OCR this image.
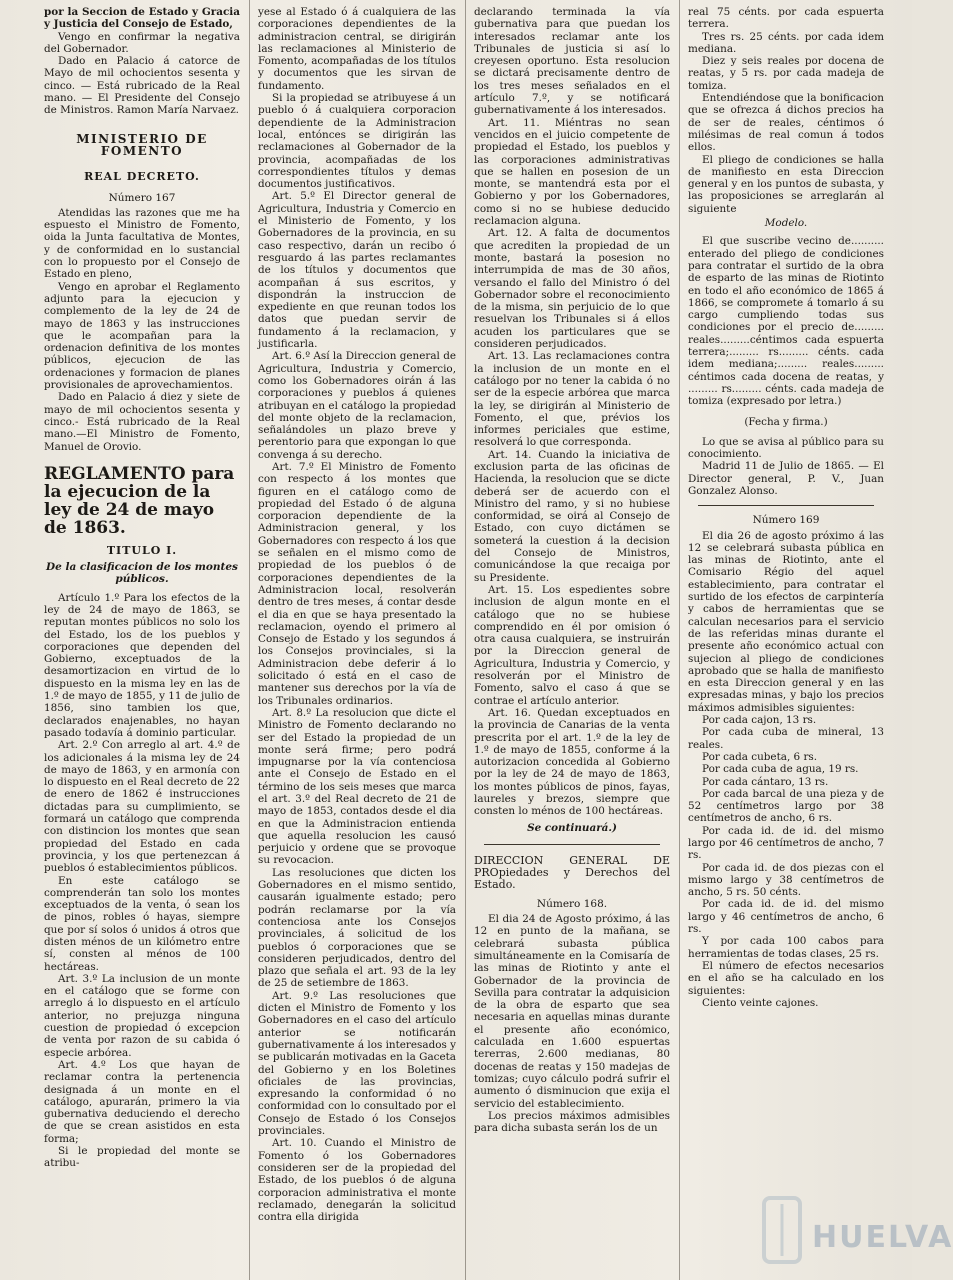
por la Seccion de Estado y Gracia y Justicia del Consejo de Estado,

Vengo en confirmar la negativa del Gobernador.

Dado en Palacio á catorce de Mayo de mil ochocientos sesenta y cinco. — Está rubricado de la Real mano. — El Presidente del Consejo de Ministros. Ramon María Narvaez.

MINISTERIO DE FOMENTO
REAL DECRETO.
Número 167

Atendidas las razones que me ha espuesto el Ministro de Fomento, oida la Junta facultativa de Montes, y de conformidad en lo sustancial con lo propuesto por el Consejo de Estado en pleno,

Vengo en aprobar el Reglamento adjunto para la ejecucion y complemento de la ley de 24 de mayo de 1863 y las instrucciones que le acompañan para la ordenacion definitiva de los montes públicos, ejecucion de las ordenaciones y formacion de planes provisionales de aprovechamientos.

Dado en Palacio á diez y siete de mayo de mil ochocientos sesenta y cinco.- Está rubricado de la Real mano.—El Ministro de Fomento, Manuel de Orovio.

REGLAMENTO para la ejecucion de la ley de 24 de mayo de 1863.
TITULO I.
De la clasificacion de los montes públicos.

Artículo 1.º Para los efectos de la ley de 24 de mayo de 1863, se reputan montes públicos no solo los del Estado, los de los pueblos y corporaciones que dependen del Gobierno, exceptuados de la desamortizacion en virtud de lo dispuesto en la misma ley en las de 1.º de mayo de 1855, y 11 de julio de 1856, sino tambien los que, declarados enajenables, no hayan pasado todavía á dominio particular.

Art. 2.º Con arreglo al art. 4.º de los adicionales á la misma ley de 24 de mayo de 1863, y en armonía con lo dispuesto en el Real decreto de 22 de enero de 1862 é instrucciones dictadas para su cumplimiento, se formará un catálogo que comprenda con distincion los montes que sean propiedad del Estado en cada provincia, y los que pertenezcan á pueblos ó establecimientos públicos.

En este catálogo se comprenderán tan solo los montes exceptuados de la venta, ó sean los de pinos, robles ó hayas, siempre que por sí solos ó unidos á otros que disten ménos de un kilómetro entre sí, consten al ménos de 100 hectáreas.

Art. 3.º La inclusion de un monte en el catálogo que se forme con arreglo á lo dispuesto en el artículo anterior, no prejuzga ninguna cuestion de propiedad ó excepcion de venta por razon de su cabida ó especie arbórea.

Art. 4.º Los que hayan de reclamar contra la pertenencia designada á un monte en el catálogo, apurarán, primero la via gubernativa deduciendo el derecho de que se crean asistidos en esta forma;

Si le propiedad del monte se atribu-

yese al Estado ó á cualquiera de las corporaciones dependientes de la administracion central, se dirigirán las reclamaciones al Ministerio de Fomento, acompañadas de los títulos y documentos que les sirvan de fundamento.

Si la propiedad se atribuyese á un pueblo ó á cualquiera corporacion dependiente de la Administracion local, entónces se dirigirán las reclamaciones al Gobernador de la provincia, acompañadas de los correspondientes títulos y demas documentos justificativos.

Art. 5.º El Director general de Agricultura, Industria y Comercio en el Ministerio de Fomento, y los Gobernadores de la provincia, en su caso respectivo, darán un recibo ó resguardo á las partes reclamantes de los títulos y documentos que acompañan á sus escritos, y dispondrán la instruccion de expediente en que reunan todos los datos que puedan servir de fundamento á la reclamacion, y justificarla.

Art. 6.º Así la Direccion general de Agricultura, Industria y Comercio, como los Gobernadores oirán á las corporaciones y pueblos á quienes atribuyan en el catálogo la propiedad del monte objeto de la reclamacion, señalándoles un plazo breve y perentorio para que expongan lo que convenga á su derecho.

Art. 7.º El Ministro de Fomento con respecto á los montes que figuren en el catálogo como de propiedad del Estado ó de alguna corporacion dependiente de la Administracion general, y los Gobernadores con respecto á los que se señalen en el mismo como de propiedad de los pueblos ó de corporaciones dependientes de la Administracion local, resolverán dentro de tres meses, á contar desde el dia en que se haya presentado la reclamacion, oyendo el primero al Consejo de Estado y los segundos á los Consejos provinciales, si la Administracion debe deferir á lo solicitado ó está en el caso de mantener sus derechos por la vía de los Tribunales ordinarios.

Art. 8.º La resolucion que dicte el Ministro de Fomento declarando no ser del Estado la propiedad de un monte será firme; pero podrá impugnarse por la vía contenciosa ante el Consejo de Estado en el término de los seis meses que marca el art. 3.º del Real decreto de 21 de mayo de 1853, contados desde el dia en que la Administracion entienda que aquella resolucion les causó perjuicio y ordene que se provoque su revocacion.

Las resoluciones que dicten los Gobernadores en el mismo sentido, causarán igualmente estado; pero podrán reclamarse por la vía contenciosa ante los Consejos provinciales, á solicitud de los pueblos ó corporaciones que se consideren perjudicados, dentro del plazo que señala el art. 93 de la ley de 25 de setiembre de 1863.

Art. 9.º Las resoluciones que dicten el Ministro de Fomento y los Gobernadores en el caso del artículo anterior se notificarán gubernativamente á los interesados y se publicarán motivadas en la Gaceta del Gobierno y en los Boletines oficiales de las provincias, expresando la conformidad ó no conformidad con lo consultado por el Consejo de Estado ó los Consejos provinciales.

Art. 10. Cuando el Ministro de Fomento ó los Gobernadores consideren ser de la propiedad del Estado, de los pueblos ó de alguna corporacion administrativa el monte reclamado, denegarán la solicitud contra ella dirigida

declarando terminada la vía gubernativa para que puedan los interesados reclamar ante los Tribunales de justicia si así lo creyesen oportuno. Esta resolucion se dictará precisamente dentro de los tres meses señalados en el artículo 7.º, y se notificará gubernativamente á los interesados.

Art. 11. Miéntras no sean vencidos en el juicio competente de propiedad el Estado, los pueblos y las corporaciones administrativas que se hallen en posesion de un monte, se mantendrá esta por el Gobierno y por los Gobernadores, como si no se hubiese deducido reclamacion alguna.

Art. 12. A falta de documentos que acrediten la propiedad de un monte, bastará la posesion no interrumpida de mas de 30 años, versando el fallo del Ministro ó del Gobernador sobre el reconocimiento de la misma, sin perjuicio de lo que resuelvan los Tribunales si á ellos acuden los particulares que se consideren perjudicados.

Art. 13. Las reclamaciones contra la inclusion de un monte en el catálogo por no tener la cabida ó no ser de la especie arbórea que marca la ley, se dirigirán al Ministerio de Fomento, el que, prévios los informes periciales que estime, resolverá lo que corresponda.

Art. 14. Cuando la iniciativa de exclusion parta de las oficinas de Hacienda, la resolucion que se dicte deberá ser de acuerdo con el Ministro del ramo, y si no hubiese conformidad, se oirá al Consejo de Estado, con cuyo dictámen se someterá la cuestion á la decision del Consejo de Ministros, comunicándose la que recaiga por su Presidente.

Art. 15. Los espedientes sobre inclusion de algun monte en el catálogo que no se hubiese comprendido en él por omision ó otra causa cualquiera, se instruirán por la Direccion general de Agricultura, Industria y Comercio, y resolverán por el Ministro de Fomento, salvo el caso á que se contrae el artículo anterior.

Art. 16. Quedan exceptuados en la provincia de Canarias de la venta prescrita por el art. 1.º de la ley de 1.º de mayo de 1855, conforme á la autorizacion concedida al Gobierno por la ley de 24 de mayo de 1863, los montes públicos de pinos, fayas, laureles y brezos, siempre que consten lo ménos de 100 hectáreas.

Se continuará.)
DIRECCION GENERAL DE PROpiedades y Derechos del Estado.
Número 168.

El dia 24 de Agosto próximo, á las 12 en punto de la mañana, se celebrará subasta pública simultáneamente en la Comisaría de las minas de Riotinto y ante el Gobernador de la provincia de Sevilla para contratar la adquisicion de la obra de esparto que sea necesaria en aquellas minas durante el presente año económico, calculada en 1.600 espuertas tererras, 2.600 medianas, 80 docenas de reatas y 150 madejas de tomizas; cuyo cálculo podrá sufrir el aumento ó disminucion que exija el servicio del establecimiento.

Los precios máximos admisibles para dicha subasta serán los de un

real 75 cénts. por cada espuerta terrera.

Tres rs. 25 cénts. por cada idem mediana.

Diez y seis reales por docena de reatas, y 5 rs. por cada madeja de tomiza.

Entendiéndose que la bonificacion que se ofrezca á dichos precios ha de ser de reales, céntimos ó milésimas de real comun á todos ellos.

El pliego de condiciones se halla de manifiesto en esta Direccion general y en los puntos de subasta, y las proposiciones se arreglarán al siguiente

Modelo.

El que suscribe vecino de.......... enterado del pliego de condiciones para contratar el surtido de la obra de esparto de las minas de Riotinto en todo el año económico de 1865 á 1866, se compromete á tomarlo á su cargo cumpliendo todas sus condiciones por el precio de......... reales.........céntimos cada espuerta terrera;......... rs......... cénts. cada idem mediana;......... reales......... céntimos cada docena de reatas, y ......... rs......... cénts. cada madeja de tomiza (expresado por letra.)

(Fecha y firma.)

Lo que se avisa al público para su conocimiento.

Madrid 11 de Julio de 1865. — El Director general, P. V., Juan Gonzalez Alonso.

Número 169

El dia 26 de agosto próximo á las 12 se celebrará subasta pública en las minas de Riotinto, ante el Comisario Régio del aquel establecimiento, para contratar el surtido de los efectos de carpintería y cabos de herramientas que se calculan necesarios para el servicio de las referidas minas durante el presente año económico actual con sujecion al pliego de condiciones aprobado que se halla de manifiesto en esta Direccion general y en las expresadas minas, y bajo los precios máximos admisibles siguientes:

Por cada cajon, 13 rs.

Por cada cuba de mineral, 13 reales.

Por cada cubeta, 6 rs.

Por cada cuba de agua, 19 rs.

Por cada cántaro, 13 rs.

Por cada barcal de una pieza y de 52 centímetros largo por 38 centímetros de ancho, 6 rs.

Por cada id. de id. del mismo largo por 46 centímetros de ancho, 7 rs.

Por cada id. de dos piezas con el mismo largo y 38 centímetros de ancho, 5 rs. 50 cénts.

Por cada id. de id. del mismo largo y 46 centímetros de ancho, 6 rs.

Y por cada 100 cabos para herramientas de todas clases, 25 rs.

El número de efectos necesarios en el año se ha calculado en los siguientes:

Ciento veinte cajones.

HUELVA
